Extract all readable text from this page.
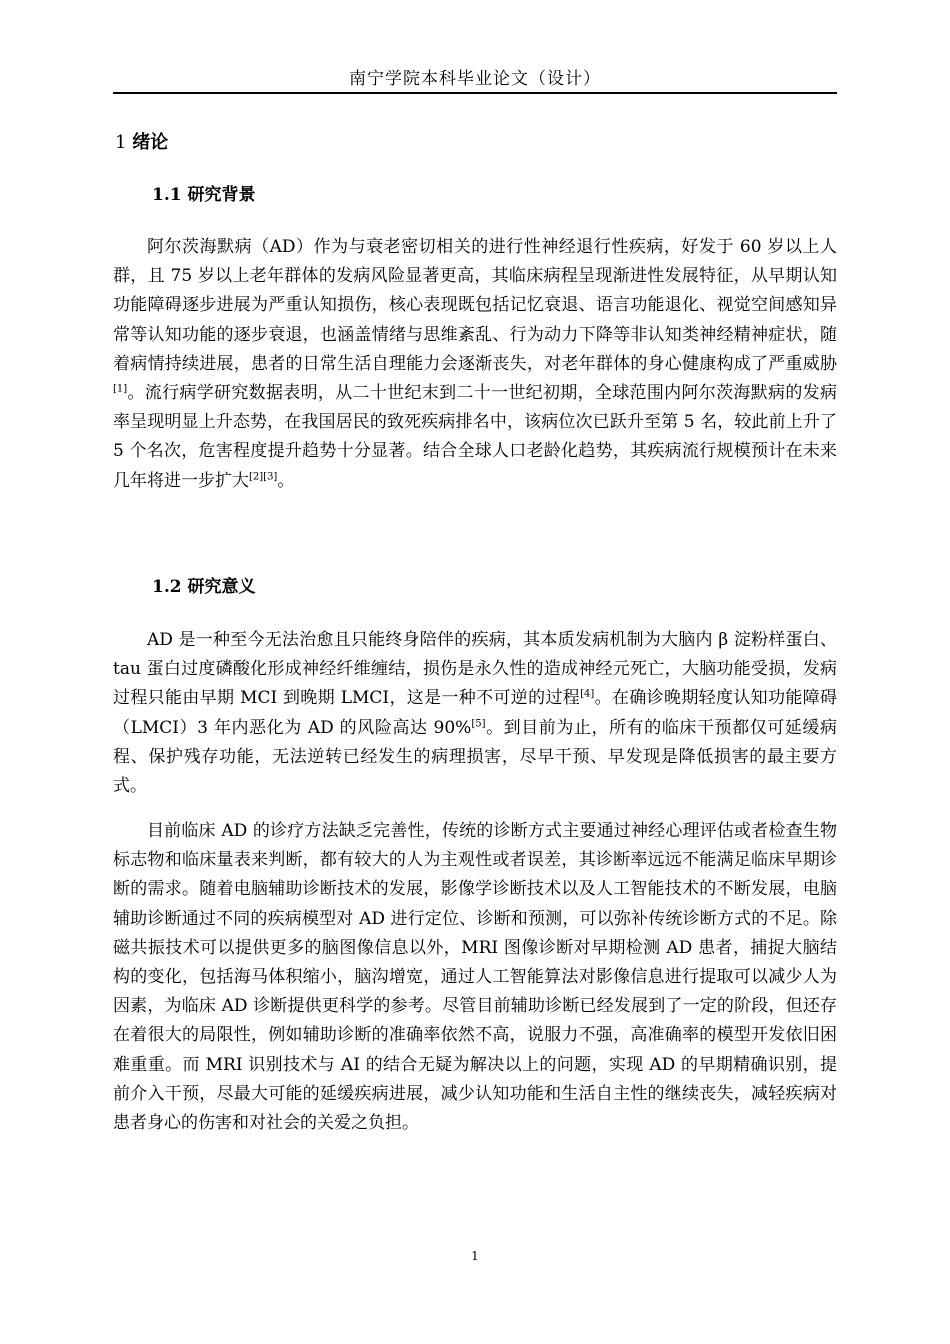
南宁学院本科毕业论文（设计）
1 绪论
1.1 研究背景

阿尔茨海默病（AD）作为与衰老密切相关的进行性神经退行性疾病，好发于 60 岁以上人群，且 75 岁以上老年群体的发病风险显著更高，其临床病程呈现渐进性发展特征，从早期认知功能障碍逐步进展为严重认知损伤，核心表现既包括记忆衰退、语言功能退化、视觉空间感知异常等认知功能的逐步衰退，也涵盖情绪与思维紊乱、行为动力下降等非认知类神经精神症状，随着病情持续进展，患者的日常生活自理能力会逐渐丧失，对老年群体的身心健康构成了严重威胁[1]。流行病学研究数据表明，从二十世纪末到二十一世纪初期，全球范围内阿尔茨海默病的发病率呈现明显上升态势，在我国居民的致死疾病排名中，该病位次已跃升至第 5 名，较此前上升了 5 个名次，危害程度提升趋势十分显著。结合全球人口老龄化趋势，其疾病流行规模预计在未来几年将进一步扩大[2][3]。

1.2 研究意义

AD 是一种至今无法治愈且只能终身陪伴的疾病，其本质发病机制为大脑内 β 淀粉样蛋白、tau 蛋白过度磷酸化形成神经纤维缠结，损伤是永久性的造成神经元死亡，大脑功能受损，发病过程只能由早期 MCI 到晚期 LMCI，这是一种不可逆的过程[4]。在确诊晚期轻度认知功能障碍（LMCI）3 年内恶化为 AD 的风险高达 90%[5]。到目前为止，所有的临床干预都仅可延缓病程、保护残存功能，无法逆转已经发生的病理损害，尽早干预、早发现是降低损害的最主要方式。

目前临床 AD 的诊疗方法缺乏完善性，传统的诊断方式主要通过神经心理评估或者检查生物标志物和临床量表来判断，都有较大的人为主观性或者误差，其诊断率远远不能满足临床早期诊断的需求。随着电脑辅助诊断技术的发展，影像学诊断技术以及人工智能技术的不断发展，电脑辅助诊断通过不同的疾病模型对 AD 进行定位、诊断和预测，可以弥补传统诊断方式的不足。除磁共振技术可以提供更多的脑图像信息以外，MRI 图像诊断对早期检测 AD 患者，捕捉大脑结构的变化，包括海马体积缩小，脑沟增宽，通过人工智能算法对影像信息进行提取可以减少人为因素，为临床 AD 诊断提供更科学的参考。尽管目前辅助诊断已经发展到了一定的阶段，但还存在着很大的局限性，例如辅助诊断的准确率依然不高，说服力不强，高准确率的模型开发依旧困难重重。而 MRI 识别技术与 AI 的结合无疑为解决以上的问题，实现 AD 的早期精确识别，提前介入干预，尽最大可能的延缓疾病进展，减少认知功能和生活自主性的继续丧失，减轻疾病对患者身心的伤害和对社会的关爱之负担。

1
